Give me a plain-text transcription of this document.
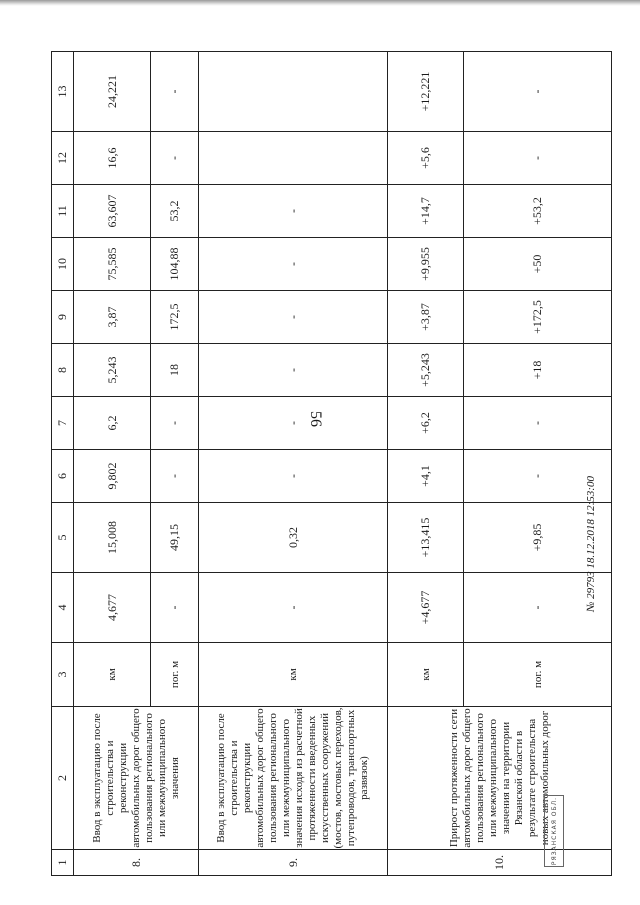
56
1	2	3	4	5	6	7	8	9	10	11	12	13
8.	Ввод в эксплуатацию после строительства и реконструкции автомобильных дорог общего пользования регионального или межмуниципального значения	км	4,677	15,008	9,802	6,2	5,243	3,87	75,585	63,607	16,6	24,221
		пог. м	-	49,15	-	-	18	172,5	104,88	53,2	-	-
9.	Ввод в эксплуатацию после строительства и реконструкции автомобильных дорог общего пользования регионального или межмуниципального значения исходя из расчетной протяженности введенных искусственных сооружений (мостов, мостовых переходов, путепроводов, транспортных развязок)	км	-	0,32	-	-	-	-	-	-		
10.	Прирост протяженности сети автомобильных дорог общего пользования регионального или межмуниципального значения на территории Рязанской области в результате строительства новых автомобильных дорог	км	+4,677	+13,415	+4,1	+6,2	+5,243	+3,87	+9,955	+14,7	+5,6	+12,221
		пог. м	-	+9,85	-	-	+18	+172,5	+50	+53,2	-	-
РЯЗАНСКАЯ ОБЛ.
№ 29793 18.12.2018 12:53:00
